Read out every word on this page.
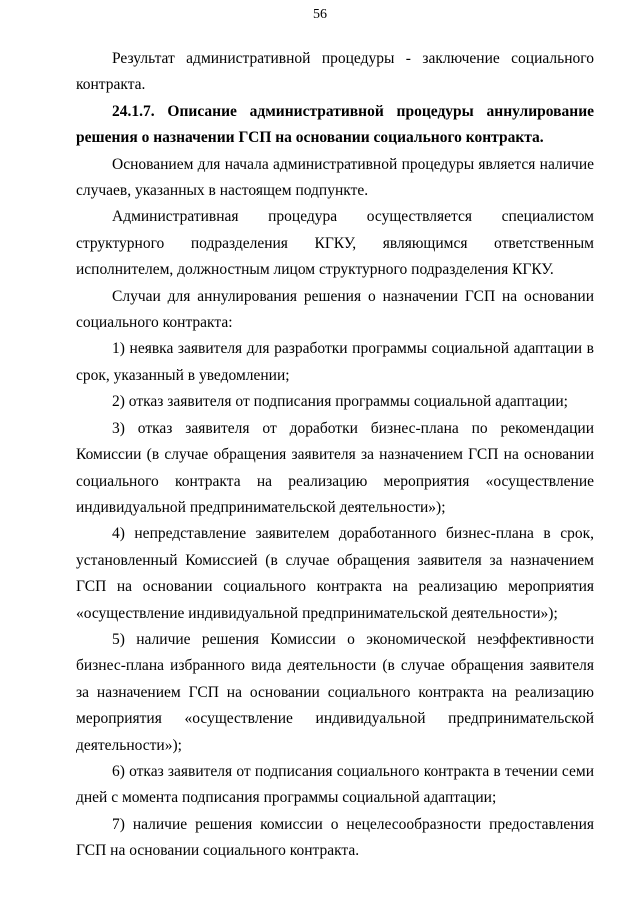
56

Результат административной процедуры - заключение социального контракта.

24.1.7. Описание административной процедуры аннулирование решения о назначении ГСП на основании социального контракта.

Основанием для начала административной процедуры является наличие случаев, указанных в настоящем подпункте.

Административная процедура осуществляется специалистом структурного подразделения КГКУ, являющимся ответственным исполнителем, должностным лицом структурного подразделения КГКУ.

Случаи для аннулирования решения о назначении ГСП на основании социального контракта:

1) неявка заявителя для разработки программы социальной адаптации в срок, указанный в уведомлении;

2) отказ заявителя от подписания программы социальной адаптации;

3) отказ заявителя от доработки бизнес-плана по рекомендации Комиссии (в случае обращения заявителя за назначением ГСП на основании социального контракта на реализацию мероприятия «осуществление индивидуальной предпринимательской деятельности»);

4) непредставление заявителем доработанного бизнес-плана в срок, установленный Комиссией (в случае обращения заявителя за назначением ГСП на основании социального контракта на реализацию мероприятия «осуществление индивидуальной предпринимательской деятельности»);

5) наличие решения Комиссии о экономической неэффективности бизнес-плана избранного вида деятельности (в случае обращения заявителя за назначением ГСП на основании социального контракта на реализацию мероприятия «осуществление индивидуальной предпринимательской деятельности»);

6) отказ заявителя от подписания социального контракта в течении семи дней с момента подписания программы социальной адаптации;

7) наличие решения комиссии о нецелесообразности предоставления ГСП на основании социального контракта.
